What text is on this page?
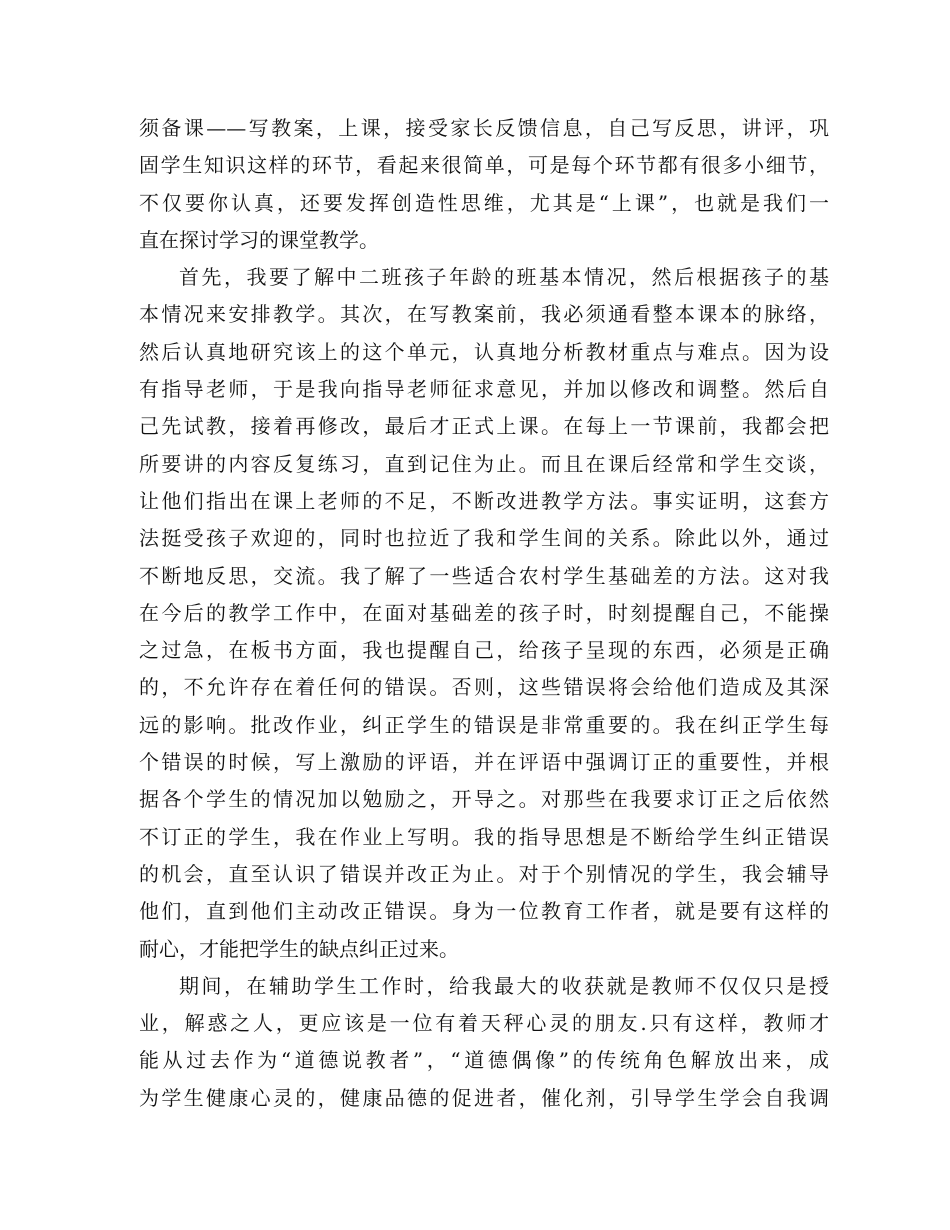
须备课——写教案，上课，接受家长反馈信息，自己写反思，讲评，巩
固学生知识这样的环节，看起来很简单，可是每个环节都有很多小细节，
不仅要你认真，还要发挥创造性思维，尤其是“上课”，也就是我们一
直在探讨学习的课堂教学。
首先，我要了解中二班孩子年龄的班基本情况，然后根据孩子的基
本情况来安排教学。其次，在写教案前，我必须通看整本课本的脉络，
然后认真地研究该上的这个单元，认真地分析教材重点与难点。因为设
有指导老师，于是我向指导老师征求意见，并加以修改和调整。然后自
己先试教，接着再修改，最后才正式上课。在每上一节课前，我都会把
所要讲的内容反复练习，直到记住为止。而且在课后经常和学生交谈，
让他们指出在课上老师的不足，不断改进教学方法。事实证明，这套方
法挺受孩子欢迎的，同时也拉近了我和学生间的关系。除此以外，通过
不断地反思，交流。我了解了一些适合农村学生基础差的方法。这对我
在今后的教学工作中，在面对基础差的孩子时，时刻提醒自己，不能操
之过急，在板书方面，我也提醒自己，给孩子呈现的东西，必须是正确
的，不允许存在着任何的错误。否则，这些错误将会给他们造成及其深
远的影响。批改作业，纠正学生的错误是非常重要的。我在纠正学生每
个错误的时候，写上激励的评语，并在评语中强调订正的重要性，并根
据各个学生的情况加以勉励之，开导之。对那些在我要求订正之后依然
不订正的学生，我在作业上写明。我的指导思想是不断给学生纠正错误
的机会，直至认识了错误并改正为止。对于个别情况的学生，我会辅导
他们，直到他们主动改正错误。身为一位教育工作者，就是要有这样的
耐心，才能把学生的缺点纠正过来。
期间，在辅助学生工作时，给我最大的收获就是教师不仅仅只是授
业，解惑之人，更应该是一位有着天秤心灵的朋友.只有这样，教师才
能从过去作为“道德说教者”，“道德偶像”的传统角色解放出来，成
为学生健康心灵的，健康品德的促进者，催化剂，引导学生学会自我调
